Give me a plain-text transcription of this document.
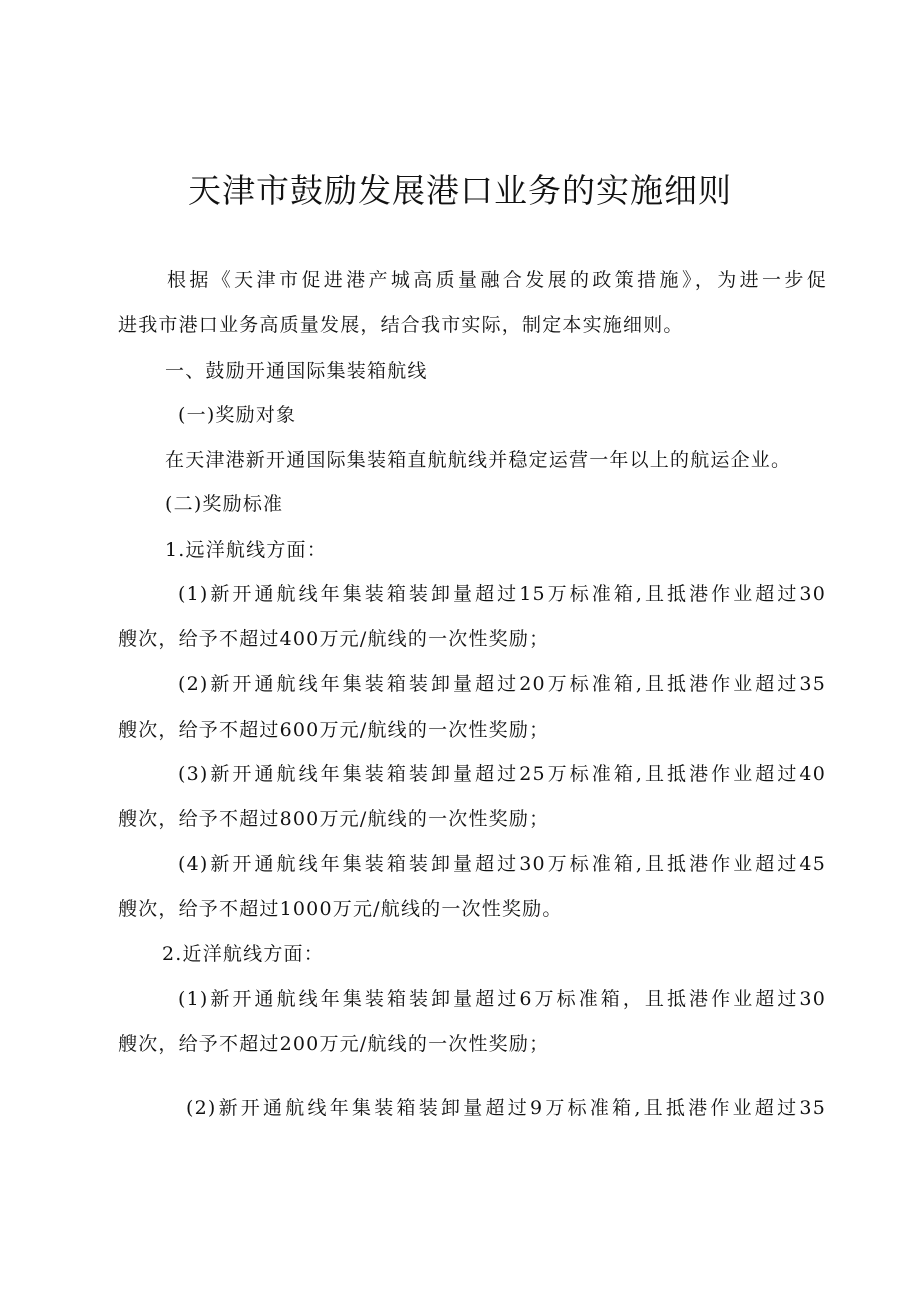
天津市鼓励发展港口业务的实施细则

根据《天津市促进港产城高质量融合发展的政策措施》，为进一步促

进我市港口业务高质量发展，结合我市实际，制定本实施细则。

一、鼓励开通国际集装箱航线

(一)奖励对象

在天津港新开通国际集装箱直航航线并稳定运营一年以上的航运企业。

(二)奖励标准

1.远洋航线方面：

(1)新开通航线年集装箱装卸量超过15万标准箱,且抵港作业超过30

艘次，给予不超过400万元/航线的一次性奖励；

(2)新开通航线年集装箱装卸量超过20万标准箱,且抵港作业超过35

艘次，给予不超过600万元/航线的一次性奖励；

(3)新开通航线年集装箱装卸量超过25万标准箱,且抵港作业超过40

艘次，给予不超过800万元/航线的一次性奖励；

(4)新开通航线年集装箱装卸量超过30万标准箱,且抵港作业超过45

艘次，给予不超过1000万元/航线的一次性奖励。

2.近洋航线方面：

(1)新开通航线年集装箱装卸量超过6万标准箱，且抵港作业超过30

艘次，给予不超过200万元/航线的一次性奖励；

(2)新开通航线年集装箱装卸量超过9万标准箱,且抵港作业超过35
